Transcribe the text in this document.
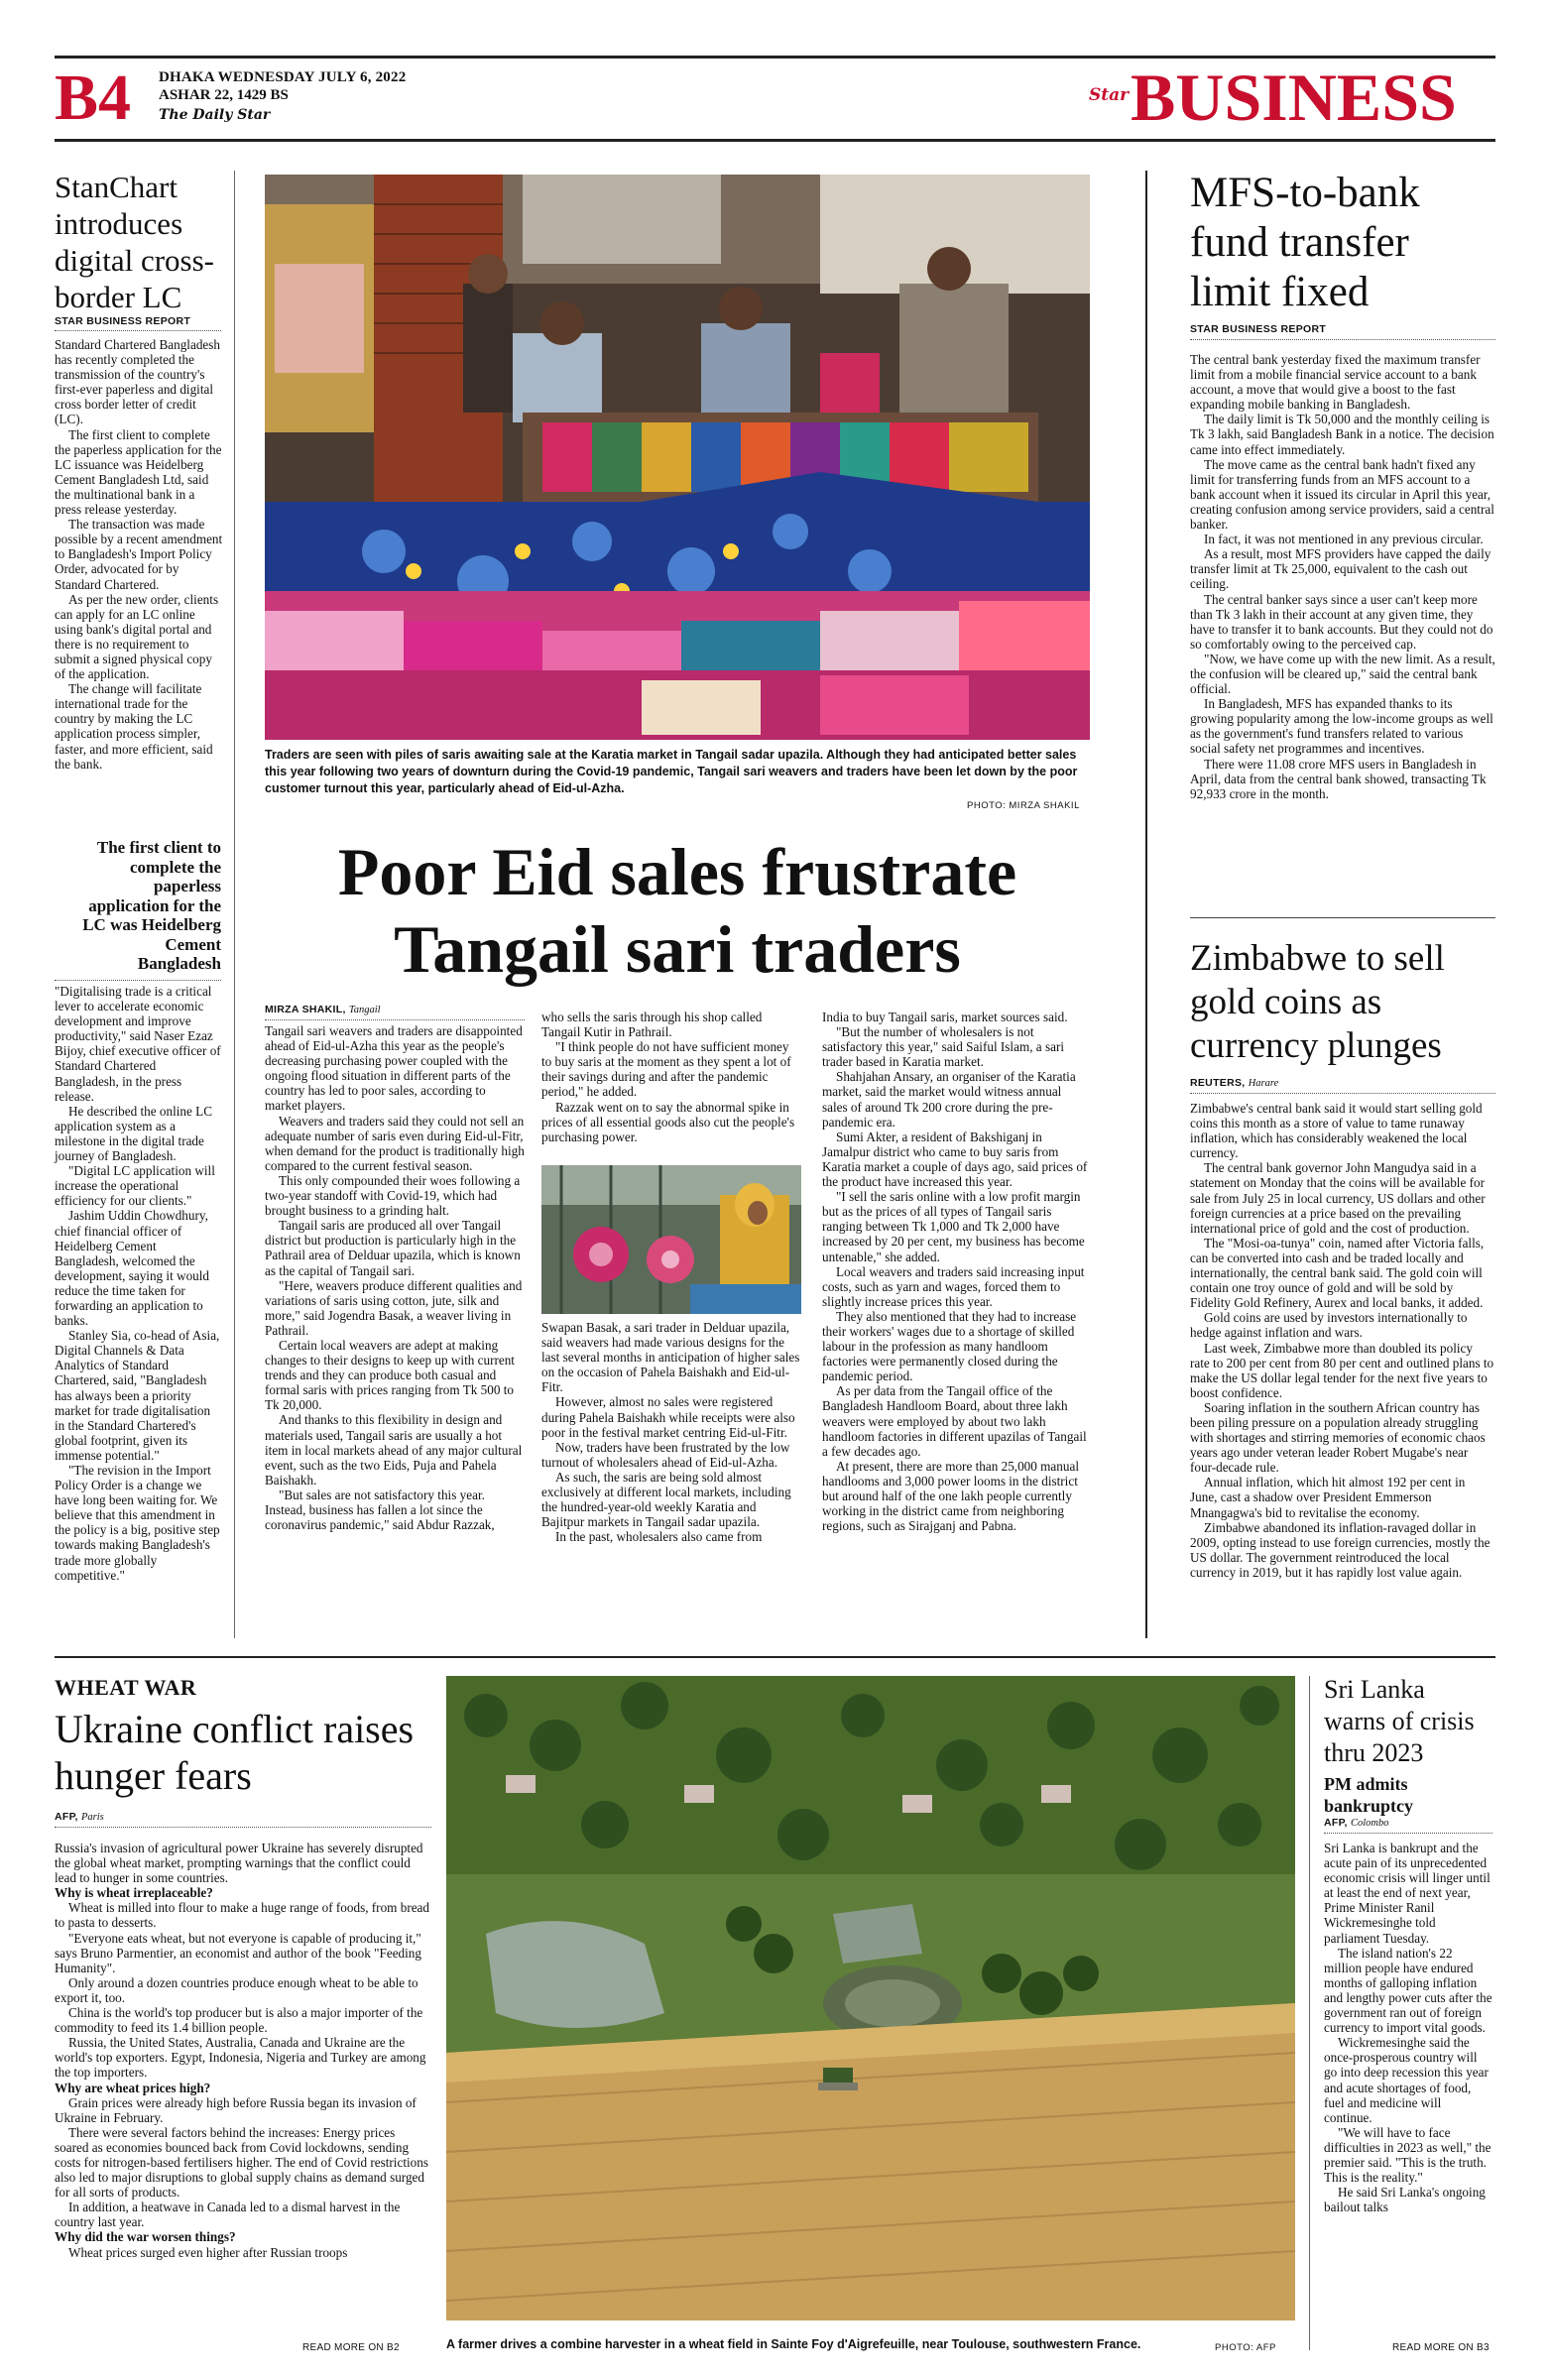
B4 DHAKA WEDNESDAY JULY 6, 2022
ASHAR 22, 1429 BS
The Daily Star
Star BUSINESS
StanChart introduces digital cross-border LC
STAR BUSINESS REPORT

Standard Chartered Bangladesh has recently completed the transmission of the country's first-ever paperless and digital cross border letter of credit (LC).

The first client to complete the paperless application for the LC issuance was Heidelberg Cement Bangladesh Ltd, said the multinational bank in a press release yesterday.

The transaction was made possible by a recent amendment to Bangladesh's Import Policy Order, advocated for by Standard Chartered.

As per the new order, clients can apply for an LC online using bank's digital portal and there is no requirement to submit a signed physical copy of the application.

The change will facilitate international trade for the country by making the LC application process simpler, faster, and more efficient, said the bank.

The first client to complete the paperless application for the LC was Heidelberg Cement Bangladesh

"Digitalising trade is a critical lever to accelerate economic development and improve productivity," said Naser Ezaz Bijoy, chief executive officer of Standard Chartered Bangladesh, in the press release.

He described the online LC application system as a milestone in the digital trade journey of Bangladesh.

"Digital LC application will increase the operational efficiency for our clients."

Jashim Uddin Chowdhury, chief financial officer of Heidelberg Cement Bangladesh, welcomed the development, saying it would reduce the time taken for forwarding an application to banks.

Stanley Sia, co-head of Asia, Digital Channels & Data Analytics of Standard Chartered, said, "Bangladesh has always been a priority market for trade digitalisation in the Standard Chartered's global footprint, given its immense potential."

"The revision in the Import Policy Order is a change we have long been waiting for. We believe that this amendment in the policy is a big, positive step towards making Bangladesh's trade more globally competitive."

Traders are seen with piles of saris awaiting sale at the Karatia market in Tangail sadar upazila. Although they had anticipated better sales this year following two years of downturn during the Covid-19 pandemic, Tangail sari weavers and traders have been let down by the poor customer turnout this year, particularly ahead of Eid-ul-Azha.
PHOTO: MIRZA SHAKIL
Poor Eid sales frustrate
Tangail sari traders
MIRZA SHAKIL, Tangail

Tangail sari weavers and traders are disappointed ahead of Eid-ul-Azha this year as the people's decreasing purchasing power coupled with the ongoing flood situation in different parts of the country has led to poor sales, according to market players.

Weavers and traders said they could not sell an adequate number of saris even during Eid-ul-Fitr, when demand for the product is traditionally high compared to the current festival season.

This only compounded their woes following a two-year standoff with Covid-19, which had brought business to a grinding halt.

Tangail saris are produced all over Tangail district but production is particularly high in the Pathrail area of Delduar upazila, which is known as the capital of Tangail sari.

"Here, weavers produce different qualities and variations of saris using cotton, jute, silk and more," said Jogendra Basak, a weaver living in Pathrail.

Certain local weavers are adept at making changes to their designs to keep up with current trends and they can produce both casual and formal saris with prices ranging from Tk 500 to Tk 20,000.

And thanks to this flexibility in design and materials used, Tangail saris are usually a hot item in local markets ahead of any major cultural event, such as the two Eids, Puja and Pahela Baishakh.

"But sales are not satisfactory this year. Instead, business has fallen a lot since the coronavirus pandemic," said Abdur Razzak,

who sells the saris through his shop called Tangail Kutir in Pathrail.

"I think people do not have sufficient money to buy saris at the moment as they spent a lot of their savings during and after the pandemic period," he added.

Razzak went on to say the abnormal spike in prices of all essential goods also cut the people's purchasing power.

Swapan Basak, a sari trader in Delduar upazila, said weavers had made various designs for the last several months in anticipation of higher sales on the occasion of Pahela Baishakh and Eid-ul-Fitr.

However, almost no sales were registered during Pahela Baishakh while receipts were also poor in the festival market centring Eid-ul-Fitr.

Now, traders have been frustrated by the low turnout of wholesalers ahead of Eid-ul-Azha.

As such, the saris are being sold almost exclusively at different local markets, including the hundred-year-old weekly Karatia and Bajitpur markets in Tangail sadar upazila.

In the past, wholesalers also came from

India to buy Tangail saris, market sources said.

"But the number of wholesalers is not satisfactory this year," said Saiful Islam, a sari trader based in Karatia market.

Shahjahan Ansary, an organiser of the Karatia market, said the market would witness annual sales of around Tk 200 crore during the pre-pandemic era.

Sumi Akter, a resident of Bakshiganj in Jamalpur district who came to buy saris from Karatia market a couple of days ago, said prices of the product have increased this year.

"I sell the saris online with a low profit margin but as the prices of all types of Tangail saris ranging between Tk 1,000 and Tk 2,000 have increased by 20 per cent, my business has become untenable," she added.

Local weavers and traders said increasing input costs, such as yarn and wages, forced them to slightly increase prices this year.

They also mentioned that they had to increase their workers' wages due to a shortage of skilled labour in the profession as many handloom factories were permanently closed during the pandemic period.

As per data from the Tangail office of the Bangladesh Handloom Board, about three lakh weavers were employed by about two lakh handloom factories in different upazilas of Tangail a few decades ago.

At present, there are more than 25,000 manual handlooms and 3,000 power looms in the district but around half of the one lakh people currently working in the district came from neighboring regions, such as Sirajganj and Pabna.

MFS-to-bank fund transfer limit fixed
STAR BUSINESS REPORT

The central bank yesterday fixed the maximum transfer limit from a mobile financial service account to a bank account, a move that would give a boost to the fast expanding mobile banking in Bangladesh.

The daily limit is Tk 50,000 and the monthly ceiling is Tk 3 lakh, said Bangladesh Bank in a notice. The decision came into effect immediately.

The move came as the central bank hadn't fixed any limit for transferring funds from an MFS account to a bank account when it issued its circular in April this year, creating confusion among service providers, said a central banker.

In fact, it was not mentioned in any previous circular.

As a result, most MFS providers have capped the daily transfer limit at Tk 25,000, equivalent to the cash out ceiling.

The central banker says since a user can't keep more than Tk 3 lakh in their account at any given time, they have to transfer it to bank accounts. But they could not do so comfortably owing to the perceived cap.

"Now, we have come up with the new limit. As a result, the confusion will be cleared up," said the central bank official.

In Bangladesh, MFS has expanded thanks to its growing popularity among the low-income groups as well as the government's fund transfers related to various social safety net programmes and incentives.

There were 11.08 crore MFS users in Bangladesh in April, data from the central bank showed, transacting Tk 92,933 crore in the month.

Zimbabwe to sell gold coins as currency plunges
REUTERS, Harare

Zimbabwe's central bank said it would start selling gold coins this month as a store of value to tame runaway inflation, which has considerably weakened the local currency.

The central bank governor John Mangudya said in a statement on Monday that the coins will be available for sale from July 25 in local currency, US dollars and other foreign currencies at a price based on the prevailing international price of gold and the cost of production.

The "Mosi-oa-tunya" coin, named after Victoria falls, can be converted into cash and be traded locally and internationally, the central bank said. The gold coin will contain one troy ounce of gold and will be sold by Fidelity Gold Refinery, Aurex and local banks, it added.

Gold coins are used by investors internationally to hedge against inflation and wars.

Last week, Zimbabwe more than doubled its policy rate to 200 per cent from 80 per cent and outlined plans to make the US dollar legal tender for the next five years to boost confidence.

Soaring inflation in the southern African country has been piling pressure on a population already struggling with shortages and stirring memories of economic chaos years ago under veteran leader Robert Mugabe's near four-decade rule.

Annual inflation, which hit almost 192 per cent in June, cast a shadow over President Emmerson Mnangagwa's bid to revitalise the economy.

Zimbabwe abandoned its inflation-ravaged dollar in 2009, opting instead to use foreign currencies, mostly the US dollar. The government reintroduced the local currency in 2019, but it has rapidly lost value again.

WHEAT WAR
Ukraine conflict raises hunger fears
AFP, Paris

Russia's invasion of agricultural power Ukraine has severely disrupted the global wheat market, prompting warnings that the conflict could lead to hunger in some countries.

Why is wheat irreplaceable?

Wheat is milled into flour to make a huge range of foods, from bread to pasta to desserts.

"Everyone eats wheat, but not everyone is capable of producing it," says Bruno Parmentier, an economist and author of the book "Feeding Humanity".

Only around a dozen countries produce enough wheat to be able to export it, too.

China is the world's top producer but is also a major importer of the commodity to feed its 1.4 billion people.

Russia, the United States, Australia, Canada and Ukraine are the world's top exporters. Egypt, Indonesia, Nigeria and Turkey are among the top importers.

Why are wheat prices high?

Grain prices were already high before Russia began its invasion of Ukraine in February.

There were several factors behind the increases: Energy prices soared as economies bounced back from Covid lockdowns, sending costs for nitrogen-based fertilisers higher. The end of Covid restrictions also led to major disruptions to global supply chains as demand surged for all sorts of products.

In addition, a heatwave in Canada led to a dismal harvest in the country last year.

Why did the war worsen things?

Wheat prices surged even higher after Russian troops

READ MORE ON B2	A farmer drives a combine harvester in a wheat field in Sainte Foy d'Aigrefeuille, near Toulouse, southwestern France.	PHOTO: AFP
Sri Lanka warns of crisis thru 2023
PM admits bankruptcy
AFP, Colombo

Sri Lanka is bankrupt and the acute pain of its unprecedented economic crisis will linger until at least the end of next year, Prime Minister Ranil Wickremesinghe told parliament Tuesday.

The island nation's 22 million people have endured months of galloping inflation and lengthy power cuts after the government ran out of foreign currency to import vital goods.

Wickremesinghe said the once-prosperous country will go into deep recession this year and acute shortages of food, fuel and medicine will continue.

"We will have to face difficulties in 2023 as well," the premier said. "This is the truth. This is the reality."

He said Sri Lanka's ongoing bailout talks

READ MORE ON B3
